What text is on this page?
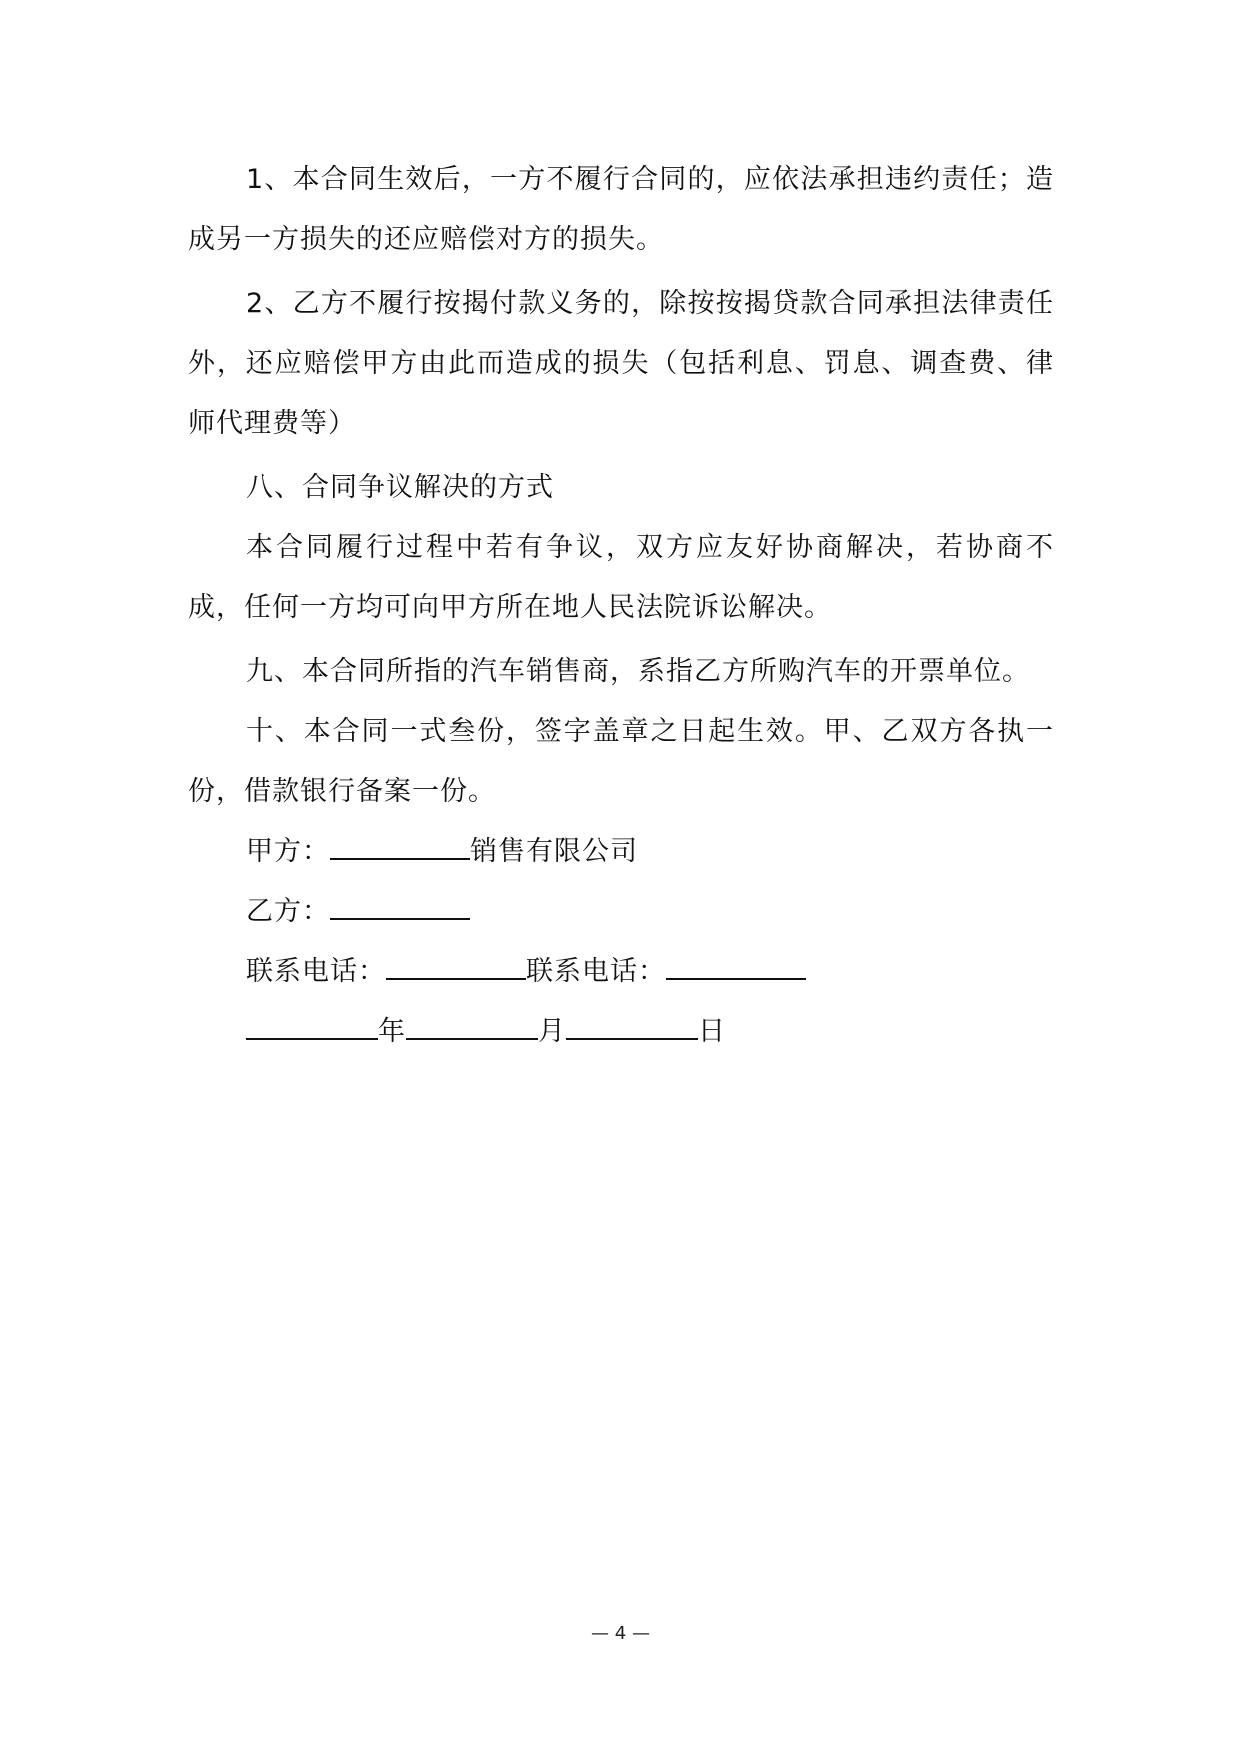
1、本合同生效后，一方不履行合同的，应依法承担违约责任；造成另一方损失的还应赔偿对方的损失。

2、乙方不履行按揭付款义务的，除按按揭贷款合同承担法律责任外，还应赔偿甲方由此而造成的损失（包括利息、罚息、调查费、律师代理费等）

八、合同争议解决的方式

本合同履行过程中若有争议，双方应友好协商解决，若协商不成，任何一方均可向甲方所在地人民法院诉讼解决。

九、本合同所指的汽车销售商，系指乙方所购汽车的开票单位。

十、本合同一式叁份，签字盖章之日起生效。甲、乙双方各执一份，借款银行备案一份。

甲方：	销售有限公司
乙方：
联系电话：	联系电话：
年	月	日
— 4 —
